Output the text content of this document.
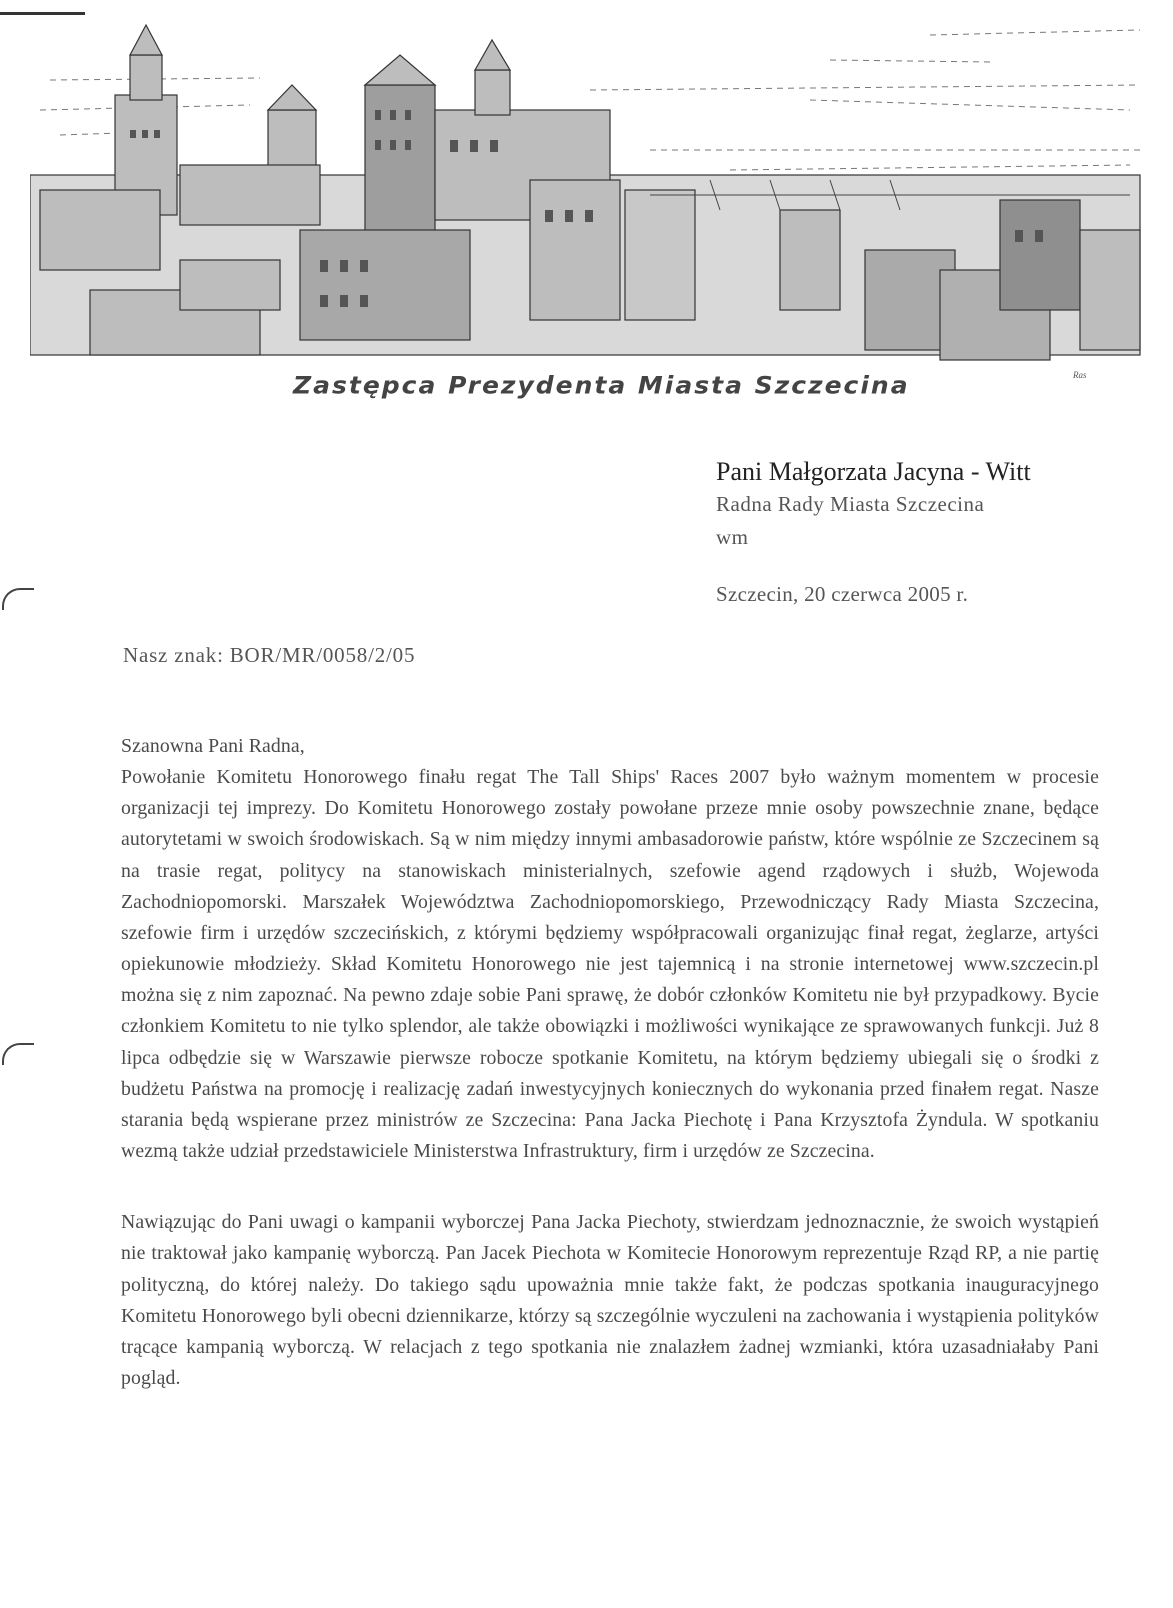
Ras
Zastępca Prezydenta Miasta Szczecina
Pani Małgorzata Jacyna - Witt
Radna Rady Miasta Szczecina
wm
Szczecin, 20 czerwca 2005 r.
Nasz znak: BOR/MR/0058/2/05

Szanowna Pani Radna,

Powołanie Komitetu Honorowego finału regat The Tall Ships' Races 2007 było ważnym momentem w procesie organizacji tej imprezy. Do Komitetu Honorowego zostały powołane przeze mnie osoby powszechnie znane, będące autorytetami w swoich środowiskach. Są w nim między innymi ambasadorowie państw, które wspólnie ze Szczecinem są na trasie regat, politycy na stanowiskach ministerialnych, szefowie agend rządowych i służb, Wojewoda Zachodniopomorski. Marszałek Województwa Zachodniopomorskiego, Przewodniczący Rady Miasta Szczecina, szefowie firm i urzędów szczecińskich, z którymi będziemy współpracowali organizując finał regat, żeglarze, artyści opiekunowie młodzieży. Skład Komitetu Honorowego nie jest tajemnicą i na stronie internetowej www.szczecin.pl można się z nim zapoznać. Na pewno zdaje sobie Pani sprawę, że dobór członków Komitetu nie był przypadkowy. Bycie członkiem Komitetu to nie tylko splendor, ale także obowiązki i możliwości wynikające ze sprawowanych funkcji. Już 8 lipca odbędzie się w Warszawie pierwsze robocze spotkanie Komitetu, na którym będziemy ubiegali się o środki z budżetu Państwa na promocję i realizację zadań inwestycyjnych koniecznych do wykonania przed finałem regat. Nasze starania będą wspierane przez ministrów ze Szczecina: Pana Jacka Piechotę i Pana Krzysztofa Żyndula. W spotkaniu wezmą także udział przedstawiciele Ministerstwa Infrastruktury, firm i urzędów ze Szczecina.

Nawiązując do Pani uwagi o kampanii wyborczej Pana Jacka Piechoty, stwierdzam jednoznacznie, że swoich wystąpień nie traktował jako kampanię wyborczą. Pan Jacek Piechota w Komitecie Honorowym reprezentuje Rząd RP, a nie partię polityczną, do której należy. Do takiego sądu upoważnia mnie także fakt, że podczas spotkania inauguracyjnego Komitetu Honorowego byli obecni dziennikarze, którzy są szczególnie wyczuleni na zachowania i wystąpienia polityków trącące kampanią wyborczą. W relacjach z tego spotkania nie znalazłem żadnej wzmianki, która uzasadniałaby Pani pogląd.
